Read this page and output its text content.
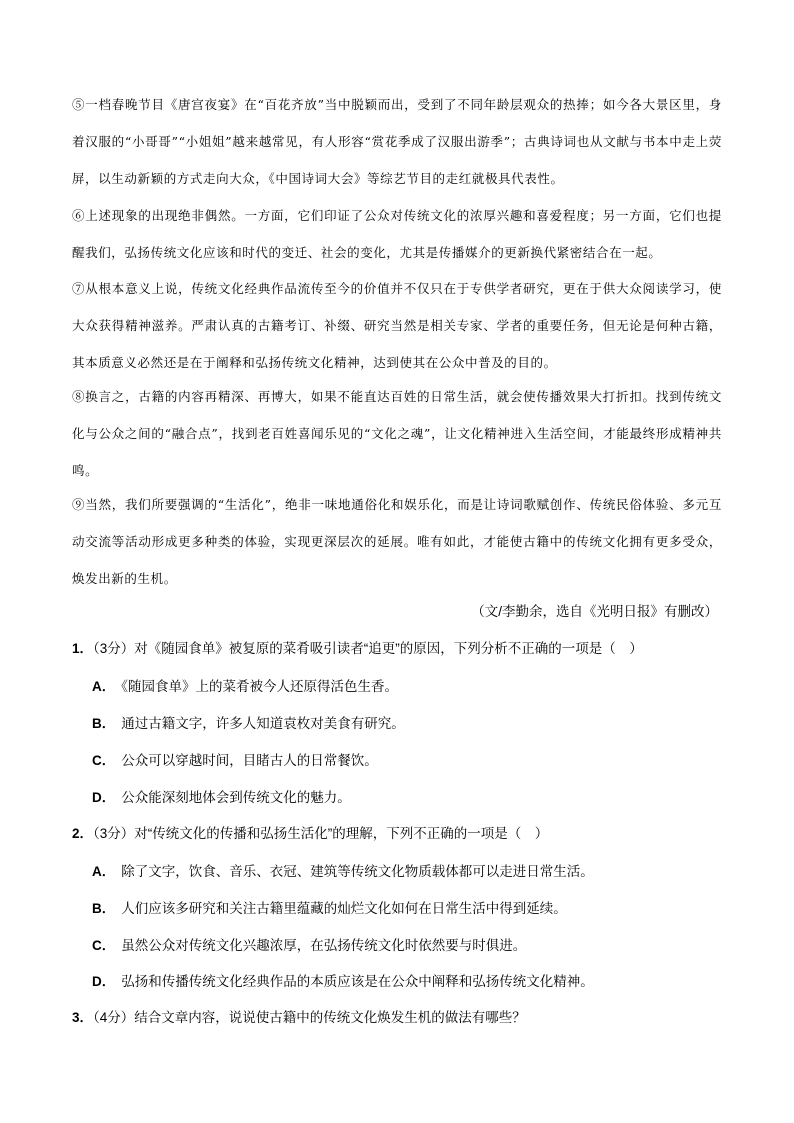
⑤一档春晚节目《唐宫夜宴》在“百花齐放”当中脱颖而出，受到了不同年龄层观众的热捧；如今各大景区里，身着汉服的“小哥哥”“小姐姐”越来越常见，有人形容“赏花季成了汉服出游季”；古典诗词也从文献与书本中走上荧屏，以生动新颖的方式走向大众，《中国诗词大会》等综艺节目的走红就极具代表性。

⑥上述现象的出现绝非偶然。一方面，它们印证了公众对传统文化的浓厚兴趣和喜爱程度；另一方面，它们也提醒我们，弘扬传统文化应该和时代的变迁、社会的变化，尤其是传播媒介的更新换代紧密结合在一起。

⑦从根本意义上说，传统文化经典作品流传至今的价值并不仅只在于专供学者研究，更在于供大众阅读学习，使大众获得精神滋养。严肃认真的古籍考订、补缀、研究当然是相关专家、学者的重要任务，但无论是何种古籍，其本质意义必然还是在于阐释和弘扬传统文化精神，达到使其在公众中普及的目的。

⑧换言之，古籍的内容再精深、再博大，如果不能直达百姓的日常生活，就会使传播效果大打折扣。找到传统文化与公众之间的“融合点”，找到老百姓喜闻乐见的“文化之魂”，让文化精神进入生活空间，才能最终形成精神共鸣。

⑨当然，我们所要强调的“生活化”，绝非一味地通俗化和娱乐化，而是让诗词歌赋创作、传统民俗体验、多元互动交流等活动形成更多种类的体验，实现更深层次的延展。唯有如此，才能使古籍中的传统文化拥有更多受众，焕发出新的生机。

（文/李勤余，选自《光明日报》有删改）

1．（3分）对《随园食单》被复原的菜肴吸引读者“追更”的原因，下列分析不正确的一项是（　）

A． 《随园食单》上的菜肴被今人还原得活色生香。

B． 通过古籍文字，许多人知道袁枚对美食有研究。

C． 公众可以穿越时间，目睹古人的日常餐饮。

D． 公众能深刻地体会到传统文化的魅力。

2．（3分）对“传统文化的传播和弘扬生活化”的理解，下列不正确的一项是（　）

A． 除了文字，饮食、音乐、衣冠、建筑等传统文化物质载体都可以走进日常生活。

B． 人们应该多研究和关注古籍里蕴藏的灿烂文化如何在日常生活中得到延续。

C． 虽然公众对传统文化兴趣浓厚，在弘扬传统文化时依然要与时俱进。

D． 弘扬和传播传统文化经典作品的本质应该是在公众中阐释和弘扬传统文化精神。

3．（4分）结合文章内容，说说使古籍中的传统文化焕发生机的做法有哪些？
